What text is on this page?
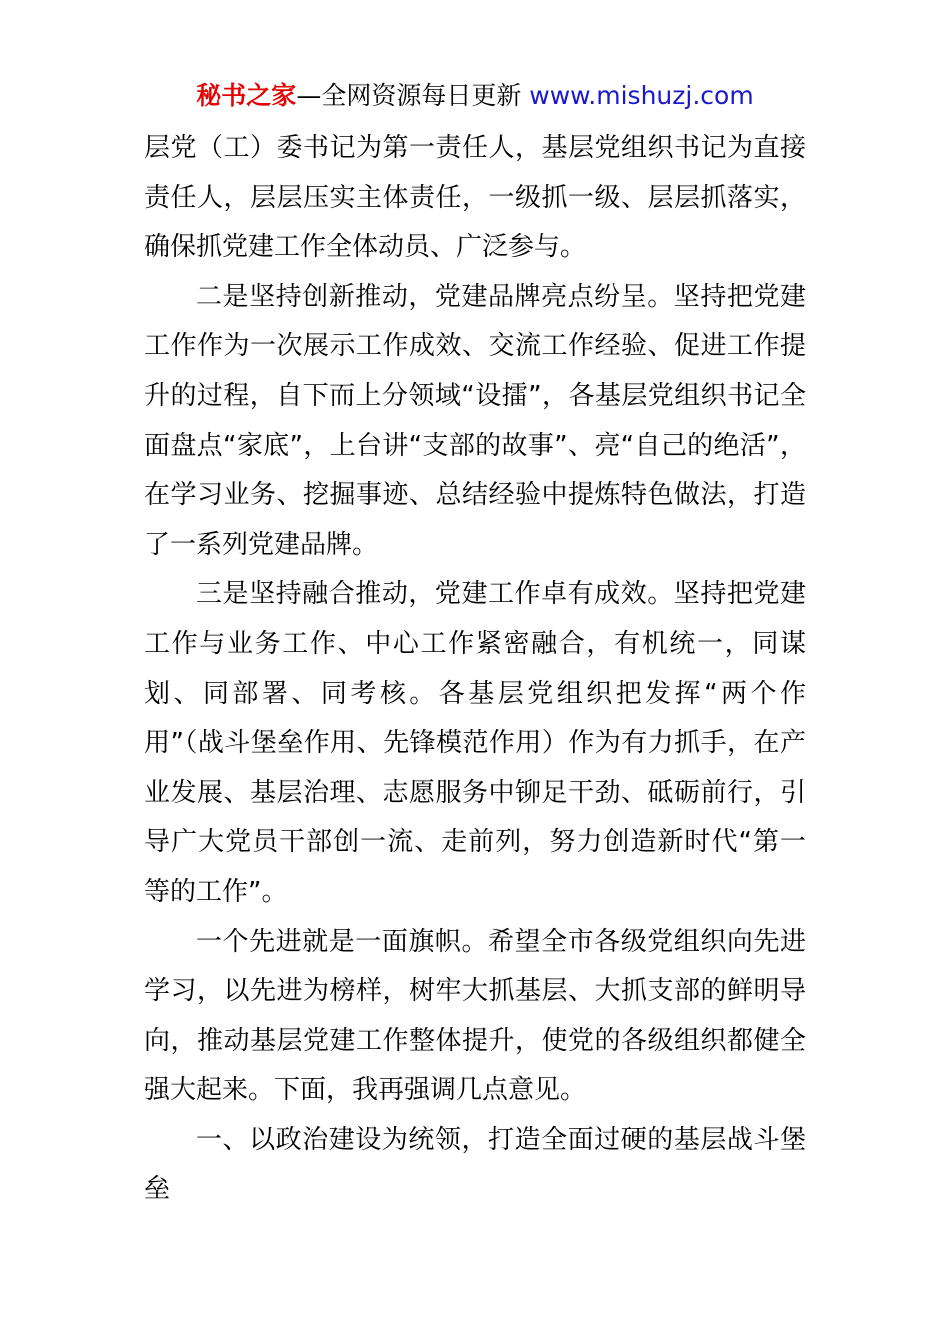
秘书之家—全网资源每日更新 www.mishuzj.com

层党（工）委书记为第一责任人，基层党组织书记为直接责任人，层层压实主体责任，一级抓一级、层层抓落实，确保抓党建工作全体动员、广泛参与。

二是坚持创新推动，党建品牌亮点纷呈。坚持把党建工作作为一次展示工作成效、交流工作经验、促进工作提升的过程，自下而上分领域“设擂”，各基层党组织书记全面盘点“家底”，上台讲“支部的故事”、亮“自己的绝活”，在学习业务、挖掘事迹、总结经验中提炼特色做法，打造了一系列党建品牌。

三是坚持融合推动，党建工作卓有成效。坚持把党建工作与业务工作、中心工作紧密融合，有机统一，同谋划、同部署、同考核。各基层党组织把发挥“两个作用”（战斗堡垒作用、先锋模范作用）作为有力抓手，在产业发展、基层治理、志愿服务中铆足干劲、砥砺前行，引导广大党员干部创一流、走前列，努力创造新时代“第一等的工作”。

一个先进就是一面旗帜。希望全市各级党组织向先进学习，以先进为榜样，树牢大抓基层、大抓支部的鲜明导向，推动基层党建工作整体提升，使党的各级组织都健全强大起来。下面，我再强调几点意见。

一、以政治建设为统领，打造全面过硬的基层战斗堡垒
